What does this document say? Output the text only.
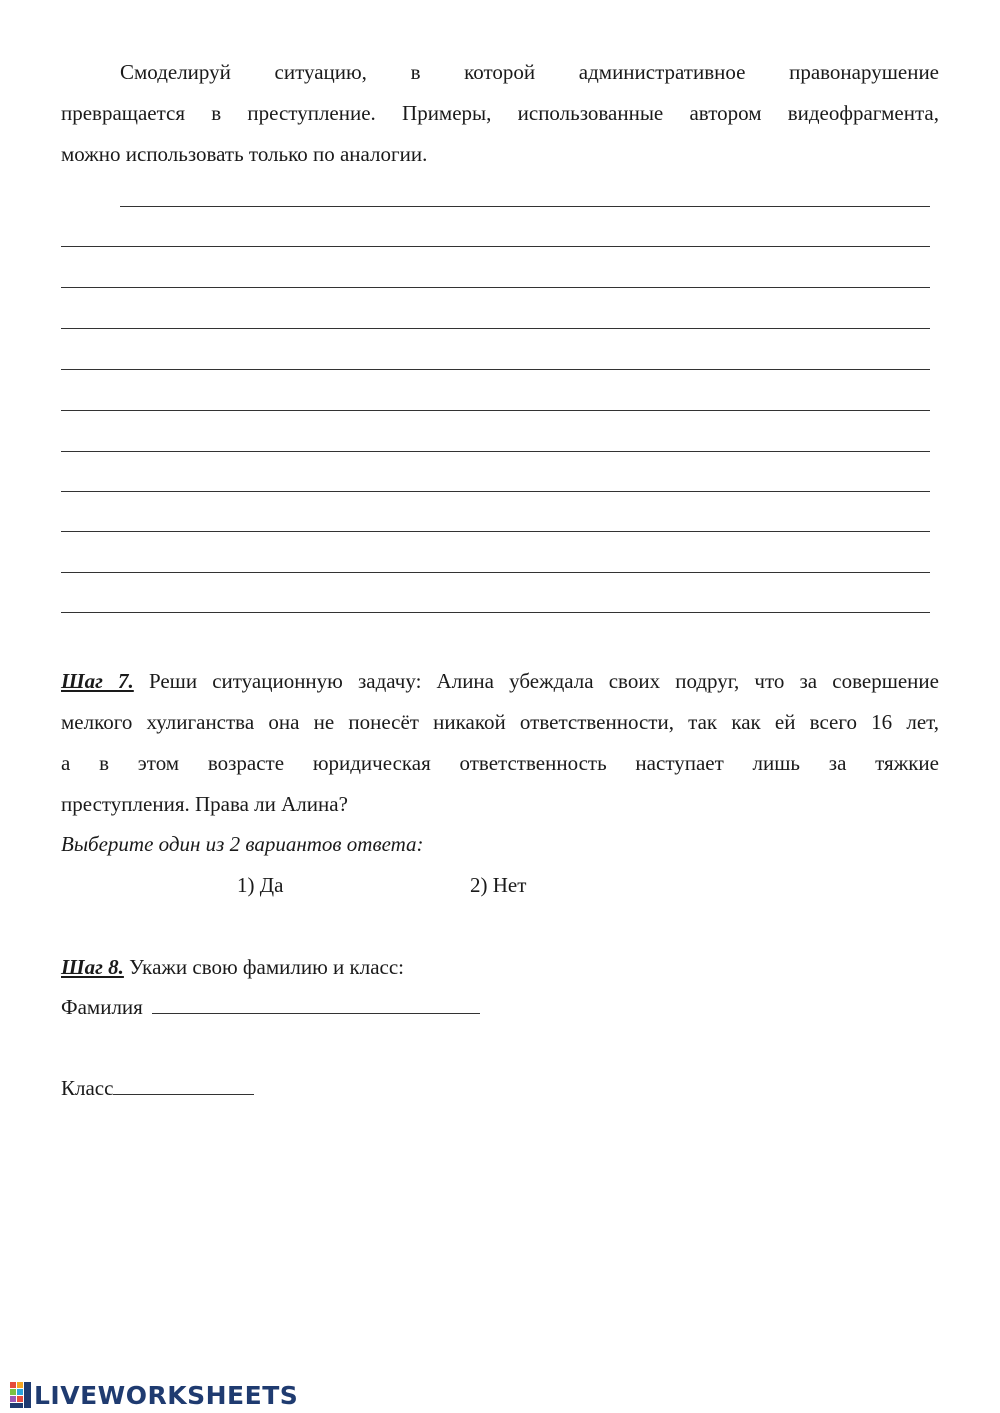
Смоделируй ситуацию, в которой административное правонарушение
превращается в преступление. Примеры, использованные автором видеофрагмента,
можно использовать только по аналогии.
Шаг 7. Реши ситуационную задачу: Алина убеждала своих подруг, что за совершение
мелкого хулиганства она не понесёт никакой ответственности, так как ей всего 16 лет,
а в этом возрасте юридическая ответственность наступает лишь за тяжкие
преступления. Права ли Алина?
Выберите один из 2 вариантов ответа:
1) Да	2) Нет
Шаг 8. Укажи свою фамилию и класс:
Фамилия
Класс
LIVEWORKSHEETS
